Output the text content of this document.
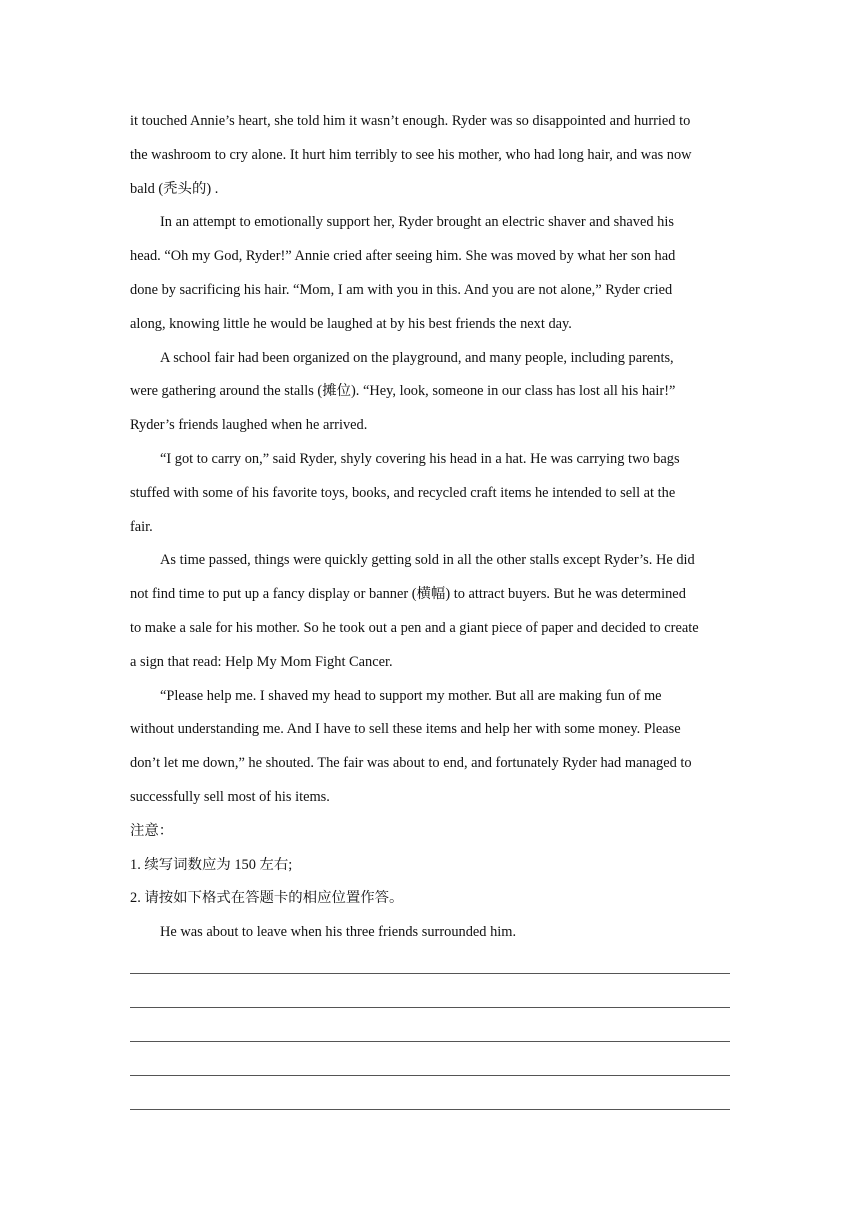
it touched Annie’s heart, she told him it wasn’t enough. Ryder was so disappointed and hurried to
the washroom to cry alone. It hurt him terribly to see his mother, who had long hair, and was now
bald (秃头的) .
In an attempt to emotionally support her, Ryder brought an electric shaver and shaved his
head. “Oh my God, Ryder!” Annie cried after seeing him. She was moved by what her son had
done by sacrificing his hair. “Mom, I am with you in this. And you are not alone,” Ryder cried
along, knowing little he would be laughed at by his best friends the next day.
A school fair had been organized on the playground, and many people, including parents,
were gathering around the stalls (摊位). “Hey, look, someone in our class has lost all his hair!”
Ryder’s friends laughed when he arrived.
“I got to carry on,” said Ryder, shyly covering his head in a hat. He was carrying two bags
stuffed with some of his favorite toys, books, and recycled craft items he intended to sell at the
fair.
As time passed, things were quickly getting sold in all the other stalls except Ryder’s. He did
not find time to put up a fancy display or banner (横幅) to attract buyers. But he was determined
to make a sale for his mother. So he took out a pen and a giant piece of paper and decided to create
a sign that read: Help My Mom Fight Cancer.
“Please help me. I shaved my head to support my mother. But all are making fun of me
without understanding me. And I have to sell these items and help her with some money. Please
don’t let me down,” he shouted. The fair was about to end, and fortunately Ryder had managed to
successfully sell most of his items.
注意：
1. 续写词数应为 150 左右;
2. 请按如下格式在答题卡的相应位置作答。
He was about to leave when his three friends surrounded him.
